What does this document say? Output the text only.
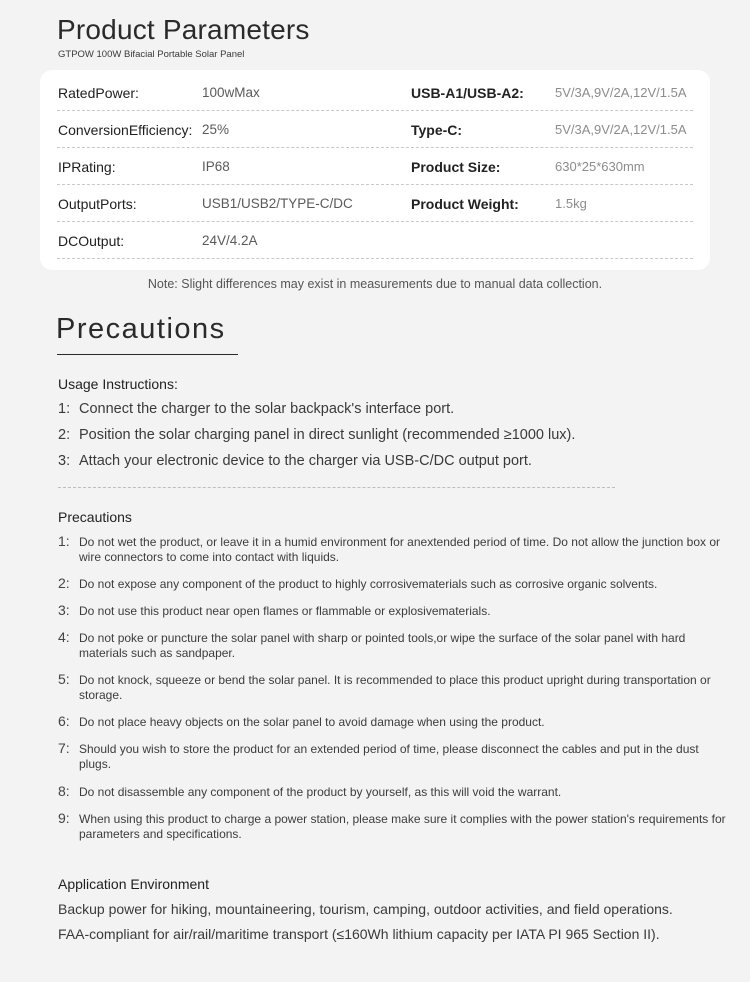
Product Parameters
GTPOW 100W Bifacial Portable Solar Panel
RatedPower:	100wMax	USB-A1/USB-A2: 5V/3A,9V/2A,12V/1.5A
ConversionEfficiency: 25%	Type-C:	5V/3A,9V/2A,12V/1.5A
IPRating:	IP68	Product Size:	630*25*630mm
OutputPorts:	USB1/USB2/TYPE-C/DC	Product Weight:	1.5kg
DCOutput:	24V/4.2A
Note: Slight differences may exist in measurements due to manual data collection.
Precautions
Usage Instructions:
1: Connect the charger to the solar backpack's interface port.
2: Position the solar charging panel in direct sunlight (recommended ≥1000 lux).
3: Attach your electronic device to the charger via USB-C/DC output port.
Precautions
1: Do not wet the product, or leave it in a humid environment for anextended period of time. Do not allow the junction box or wire connectors to come into contact with liquids.
2: Do not expose any component of the product to highly corrosivematerials such as corrosive organic solvents.
3: Do not use this product near open flames or flammable or explosivematerials.
4: Do not poke or puncture the solar panel with sharp or pointed tools,or wipe the surface of the solar panel with hard materials such as sandpaper.
5: Do not knock, squeeze or bend the solar panel. It is recommended to place this product upright during transportation or storage.
6: Do not place heavy objects on the solar panel to avoid damage when using the product.
7: Should you wish to store the product for an extended period of time, please disconnect the cables and put in the dust plugs.
8: Do not disassemble any component of the product by yourself, as this will void the warrant.
9: When using this product to charge a power station, please make sure it complies with the power station's requirements for parameters and specifications.
Application Environment
Backup power for hiking, mountaineering, tourism, camping, outdoor activities, and field operations.
FAA-compliant for air/rail/maritime transport (≤160Wh lithium capacity per IATA PI 965 Section II).
